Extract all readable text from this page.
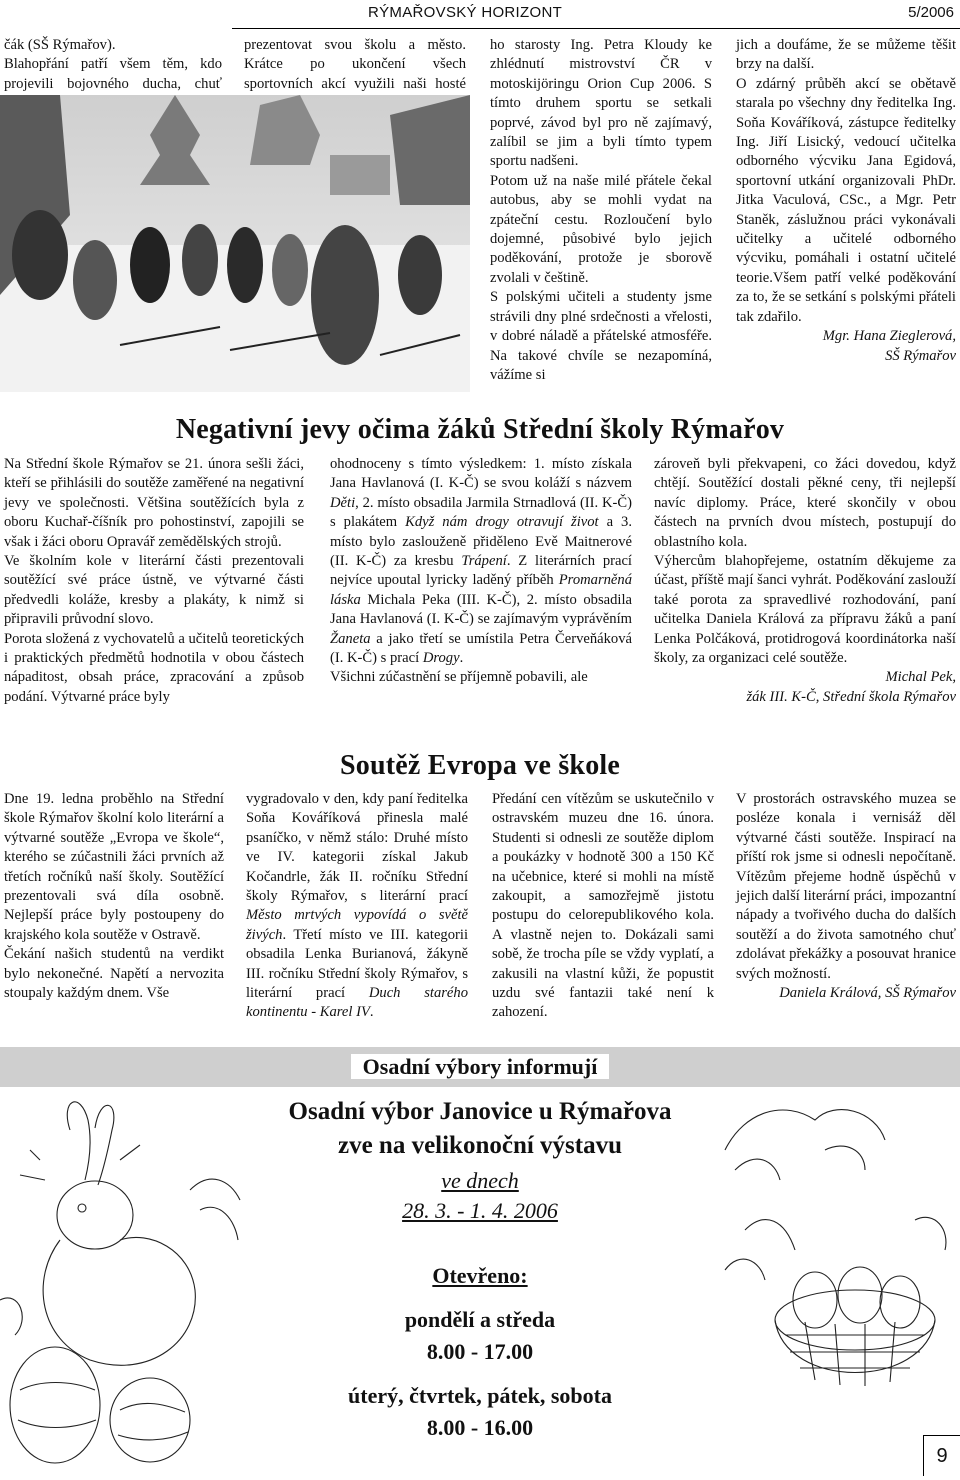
RÝMAŘOVSKÝ HORIZONT	5/2006

čák (SŠ Rýmařov).

Blahopřání patří všem těm, kdo projevili bojovného ducha, chuť

prezentovat svou školu a město. Krátce po ukončení všech sportovních akcí využili naši hosté

ho starosty Ing. Petra Kloudy ke zhlédnutí mistrovství ČR v motoskijöringu Orion Cup 2006. S tímto druhem sportu se setkali poprvé, závod byl pro ně zajímavý, zalíbil se jim a byli tímto typem sportu nadšeni.

Potom už na naše milé přátele čekal autobus, aby se mohli vydat na zpáteční cestu. Rozloučení bylo dojemné, působivé bylo jejich poděkování, protože je sborově zvolali v češtině.

S polskými učiteli a studenty jsme strávili dny plné srdečnosti a vřelosti, v dobré náladě a přátelské atmosféře. Na takové chvíle se nezapomíná, vážíme si

jich a doufáme, že se můžeme těšit brzy na další.

O zdárný průběh akcí se obětavě starala po všechny dny ředitelka Ing. Soňa Kováříková, zástupce ředitelky Ing. Jiří Lisický, vedoucí učitelka odborného výcviku Jana Egidová, sportovní utkání organizovali PhDr. Jitka Vaculová, CSc., a Mgr. Petr Staněk, záslužnou práci vykonávali učitelky a učitelé odborného výcviku, pomáhali i ostatní učitelé teorie.Všem patří velké poděkování za to, že se setkání s polskými přáteli tak zdařilo.

Mgr. Hana Zieglerová,

SŠ Rýmařov

Negativní jevy očima žáků Střední školy Rýmařov

Na Střední škole Rýmařov se 21. února sešli žáci, kteří se přihlásili do soutěže zaměřené na negativní jevy ve společnosti. Většina soutěžících byla z oboru Kuchař-číšník pro pohostinství, zapojili se však i žáci oboru Opravář zemědělských strojů.

Ve školním kole v literární části prezentovali soutěžící své práce ústně, ve výtvarné části předvedli koláže, kresby a plakáty, k nimž si připravili průvodní slovo.

Porota složená z vychovatelů a učitelů teoretických i praktických předmětů hodnotila v obou částech nápaditost, obsah práce, zpracování a způsob podání. Výtvarné práce byly

ohodnoceny s tímto výsledkem: 1. místo získala Jana Havlanová (I. K-Č) se svou koláží s názvem Děti, 2. místo obsadila Jarmila Strnadlová (II. K-Č) s plakátem Když nám drogy otravují život a 3. místo bylo zaslouženě přiděleno Evě Maitnerové (II. K-Č) za kresbu Trápení. Z literárních prací nejvíce upoutal lyricky laděný příběh Promarněná láska Michala Peka (III. K-Č), 2. místo obsadila Jana Havlanová (I. K-Č) se zajímavým vyprávěním Žaneta a jako třetí se umístila Petra Červeňáková (I. K-Č) s prací Drogy.

Všichni zúčastnění se příjemně pobavili, ale

zároveň byli překvapeni, co žáci dovedou, když chtějí. Soutěžící dostali pěkné ceny, tři nejlepší navíc diplomy. Práce, které skončily v obou částech na prvních dvou místech, postupují do oblastního kola.

Výhercům blahopřejeme, ostatním děkujeme za účast, příště mají šanci vyhrát. Poděkování zaslouží také porota za spravedlivé rozhodování, paní učitelka Daniela Králová za přípravu žáků a paní Lenka Polčáková, protidrogová koordinátorka naší školy, za organizaci celé soutěže.

Michal Pek,

žák III. K-Č, Střední škola Rýmařov

Soutěž Evropa ve škole

Dne 19. ledna proběhlo na Střední škole Rýmařov školní kolo literární a výtvarné soutěže „Evropa ve škole“, kterého se zúčastnili žáci prvních až třetích ročníků naší školy. Soutěžící prezentovali svá díla osobně. Nejlepší práce byly postoupeny do krajského kola soutěže v Ostravě.

Čekání našich studentů na verdikt bylo nekonečné. Napětí a nervozita stoupaly každým dnem. Vše

vygradovalo v den, kdy paní ředitelka Soňa Kováříková přinesla malé psaníčko, v němž stálo: Druhé místo ve IV. kategorii získal Jakub Kočandrle, žák II. ročníku Střední školy Rýmařov, s literární prací Město mrtvých vypovídá o světě živých. Třetí místo ve III. kategorii obsadila Lenka Burianová, žákyně III. ročníku Střední školy Rýmařov, s literární prací Duch starého kontinentu - Karel IV.

Předání cen vítězům se uskutečnilo v ostravském muzeu dne 16. února. Studenti si odnesli ze soutěže diplom a poukázky v hodnotě 300 a 150 Kč na učebnice, které si mohli na místě zakoupit, a samozřejmě jistotu postupu do celorepublikového kola. A vlastně nejen to. Dokázali sami sobě, že trocha píle se vždy vyplatí, a zakusili na vlastní kůži, že popustit uzdu své fantazii také není k zahození.

V prostorách ostravského muzea se posléze konala i vernisáž děl výtvarné části soutěže. Inspirací na příští rok jsme si odnesli nepočítaně. Vítězům přejeme hodně úspěchů v jejich další literární práci, impozantní nápady a tvořivého ducha do dalších soutěží a do života samotného chuť zdolávat překážky a posouvat hranice svých možností.

Daniela Králová, SŠ Rýmařov

Osadní výbory informují
Osadní výbor Janovice u Rýmařova
zve na velikonoční výstavu
ve dnech
28. 3. - 1. 4. 2006
Otevřeno:
pondělí a středa
8.00 - 17.00
úterý, čtvrtek, pátek, sobota
8.00 - 16.00
9
